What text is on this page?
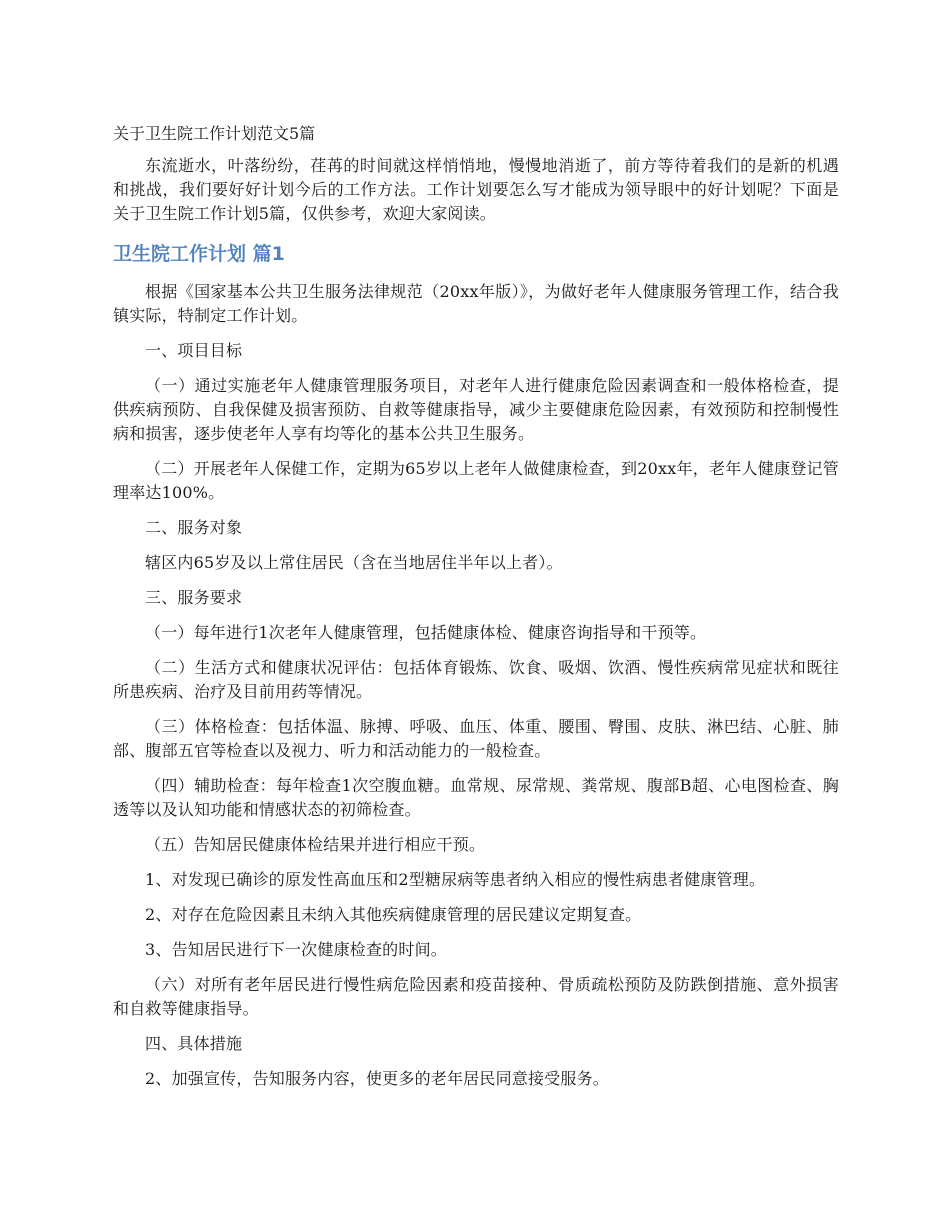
关于卫生院工作计划范文5篇

东流逝水，叶落纷纷，荏苒的时间就这样悄悄地，慢慢地消逝了，前方等待着我们的是新的机遇和挑战，我们要好好计划今后的工作方法。工作计划要怎么写才能成为领导眼中的好计划呢？下面是关于卫生院工作计划5篇，仅供参考，欢迎大家阅读。

卫生院工作计划 篇1

根据《国家基本公共卫生服务法律规范（20xx年版）》，为做好老年人健康服务管理工作，结合我镇实际，特制定工作计划。

一、项目目标

（一）通过实施老年人健康管理服务项目，对老年人进行健康危险因素调查和一般体格检查，提供疾病预防、自我保健及损害预防、自救等健康指导，减少主要健康危险因素，有效预防和控制慢性病和损害，逐步使老年人享有均等化的基本公共卫生服务。

（二）开展老年人保健工作，定期为65岁以上老年人做健康检查，到20xx年，老年人健康登记管理率达100%。

二、服务对象

辖区内65岁及以上常住居民（含在当地居住半年以上者）。

三、服务要求

（一）每年进行1次老年人健康管理，包括健康体检、健康咨询指导和干预等。

（二）生活方式和健康状况评估：包括体育锻炼、饮食、吸烟、饮酒、慢性疾病常见症状和既往所患疾病、治疗及目前用药等情况。

（三）体格检查：包括体温、脉搏、呼吸、血压、体重、腰围、臀围、皮肤、淋巴结、心脏、肺部、腹部五官等检查以及视力、听力和活动能力的一般检查。

（四）辅助检查：每年检查1次空腹血糖。血常规、尿常规、粪常规、腹部B超、心电图检查、胸透等以及认知功能和情感状态的初筛检查。

（五）告知居民健康体检结果并进行相应干预。

1、对发现已确诊的原发性高血压和2型糖尿病等患者纳入相应的慢性病患者健康管理。

2、对存在危险因素且未纳入其他疾病健康管理的居民建议定期复查。

3、告知居民进行下一次健康检查的时间。

（六）对所有老年居民进行慢性病危险因素和疫苗接种、骨质疏松预防及防跌倒措施、意外损害和自救等健康指导。

四、具体措施

2、加强宣传，告知服务内容，使更多的老年居民同意接受服务。
